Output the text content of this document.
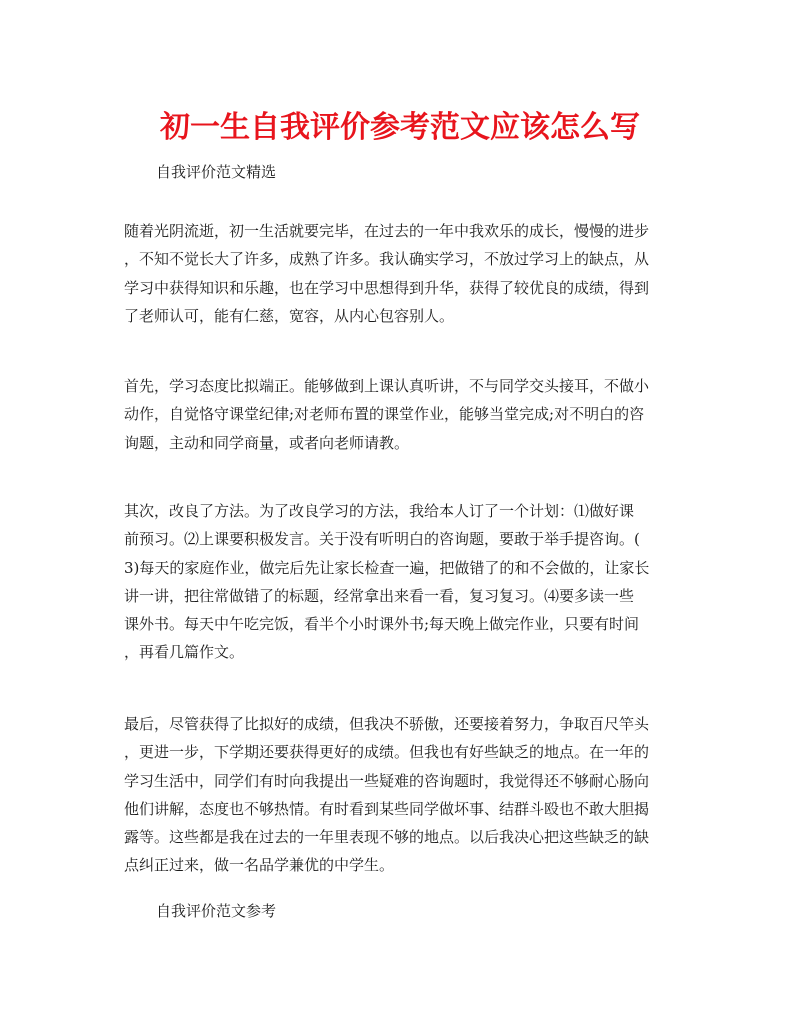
初一生自我评价参考范文应该怎么写

自我评价范文精选

随着光阴流逝，初一生活就要完毕，在过去的一年中我欢乐的成长，慢慢的进步
，不知不觉长大了许多，成熟了许多。我认确实学习，不放过学习上的缺点，从
学习中获得知识和乐趣，也在学习中思想得到升华，获得了较优良的成绩，得到
了老师认可，能有仁慈，宽容，从内心包容别人。
首先，学习态度比拟端正。能够做到上课认真听讲，不与同学交头接耳，不做小
动作，自觉恪守课堂纪律;对老师布置的课堂作业，能够当堂完成;对不明白的咨
询题，主动和同学商量，或者向老师请教。
其次，改良了方法。为了改良学习的方法，我给本人订了一个计划：⑴做好课
前预习。⑵上课要积极发言。关于没有听明白的咨询题，要敢于举手提咨询。(
3)每天的家庭作业，做完后先让家长检查一遍，把做错了的和不会做的，让家长
讲一讲，把往常做错了的标题，经常拿出来看一看，复习复习。⑷要多读一些
课外书。每天中午吃完饭，看半个小时课外书;每天晚上做完作业，只要有时间
，再看几篇作文。
最后，尽管获得了比拟好的成绩，但我决不骄傲，还要接着努力，争取百尺竿头
，更进一步，下学期还要获得更好的成绩。但我也有好些缺乏的地点。在一年的
学习生活中，同学们有时向我提出一些疑难的咨询题时，我觉得还不够耐心肠向
他们讲解，态度也不够热情。有时看到某些同学做坏事、结群斗殴也不敢大胆揭
露等。这些都是我在过去的一年里表现不够的地点。以后我决心把这些缺乏的缺
点纠正过来，做一名品学兼优的中学生。

自我评价范文参考
